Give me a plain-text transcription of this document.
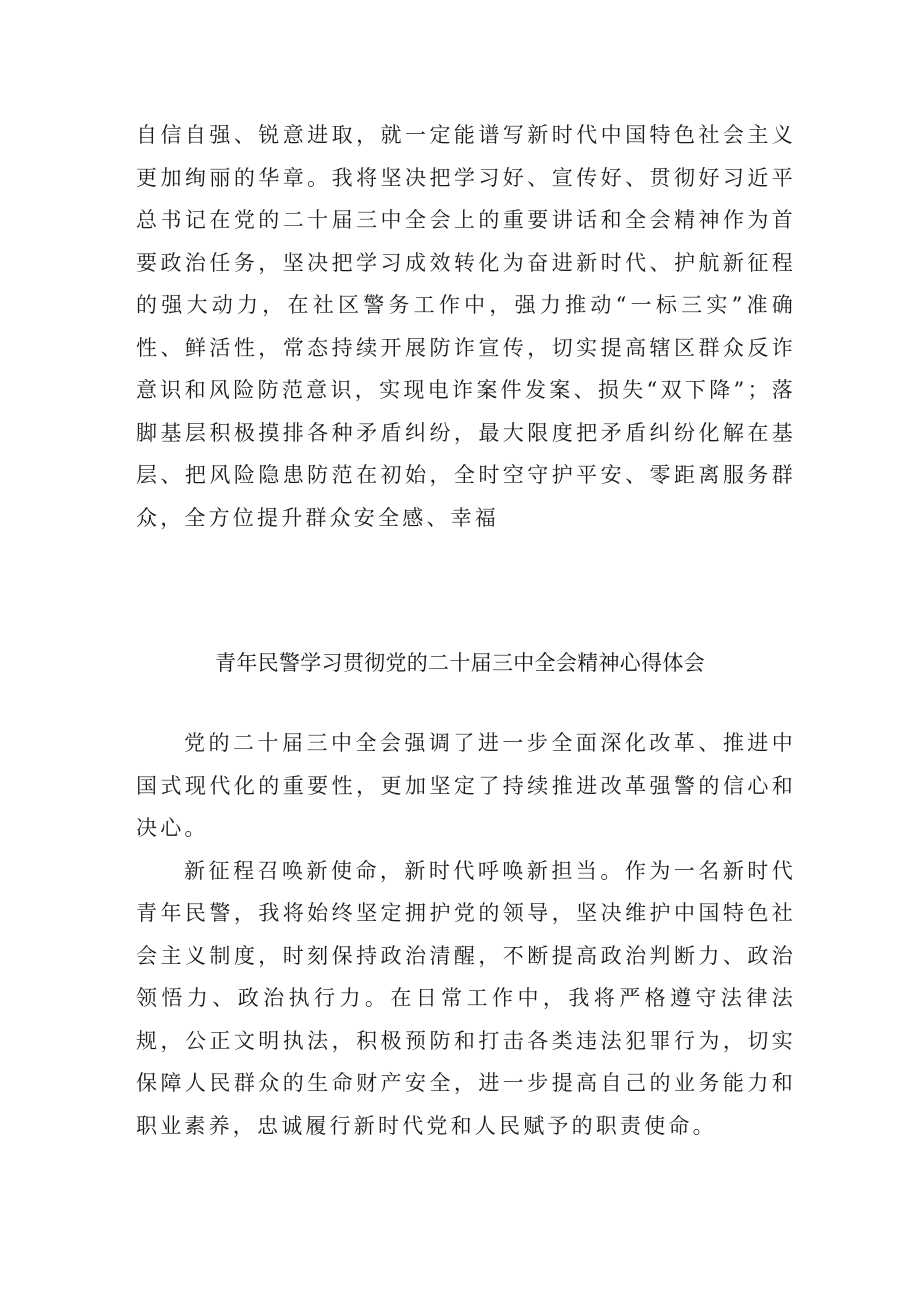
自信自强、锐意进取，就一定能谱写新时代中国特色社会主义更加绚丽的华章。我将坚决把学习好、宣传好、贯彻好习近平总书记在党的二十届三中全会上的重要讲话和全会精神作为首要政治任务，坚决把学习成效转化为奋进新时代、护航新征程的强大动力，在社区警务工作中，强力推动“一标三实”准确性、鲜活性，常态持续开展防诈宣传，切实提高辖区群众反诈意识和风险防范意识，实现电诈案件发案、损失“双下降”；落脚基层积极摸排各种矛盾纠纷，最大限度把矛盾纠纷化解在基层、把风险隐患防范在初始，全时空守护平安、零距离服务群众，全方位提升群众安全感、幸福

青年民警学习贯彻党的二十届三中全会精神心得体会

党的二十届三中全会强调了进一步全面深化改革、推进中国式现代化的重要性，更加坚定了持续推进改革强警的信心和决心。

新征程召唤新使命，新时代呼唤新担当。作为一名新时代青年民警，我将始终坚定拥护党的领导，坚决维护中国特色社会主义制度，时刻保持政治清醒，不断提高政治判断力、政治领悟力、政治执行力。在日常工作中，我将严格遵守法律法规，公正文明执法，积极预防和打击各类违法犯罪行为，切实保障人民群众的生命财产安全，进一步提高自己的业务能力和职业素养，忠诚履行新时代党和人民赋予的职责使命。
